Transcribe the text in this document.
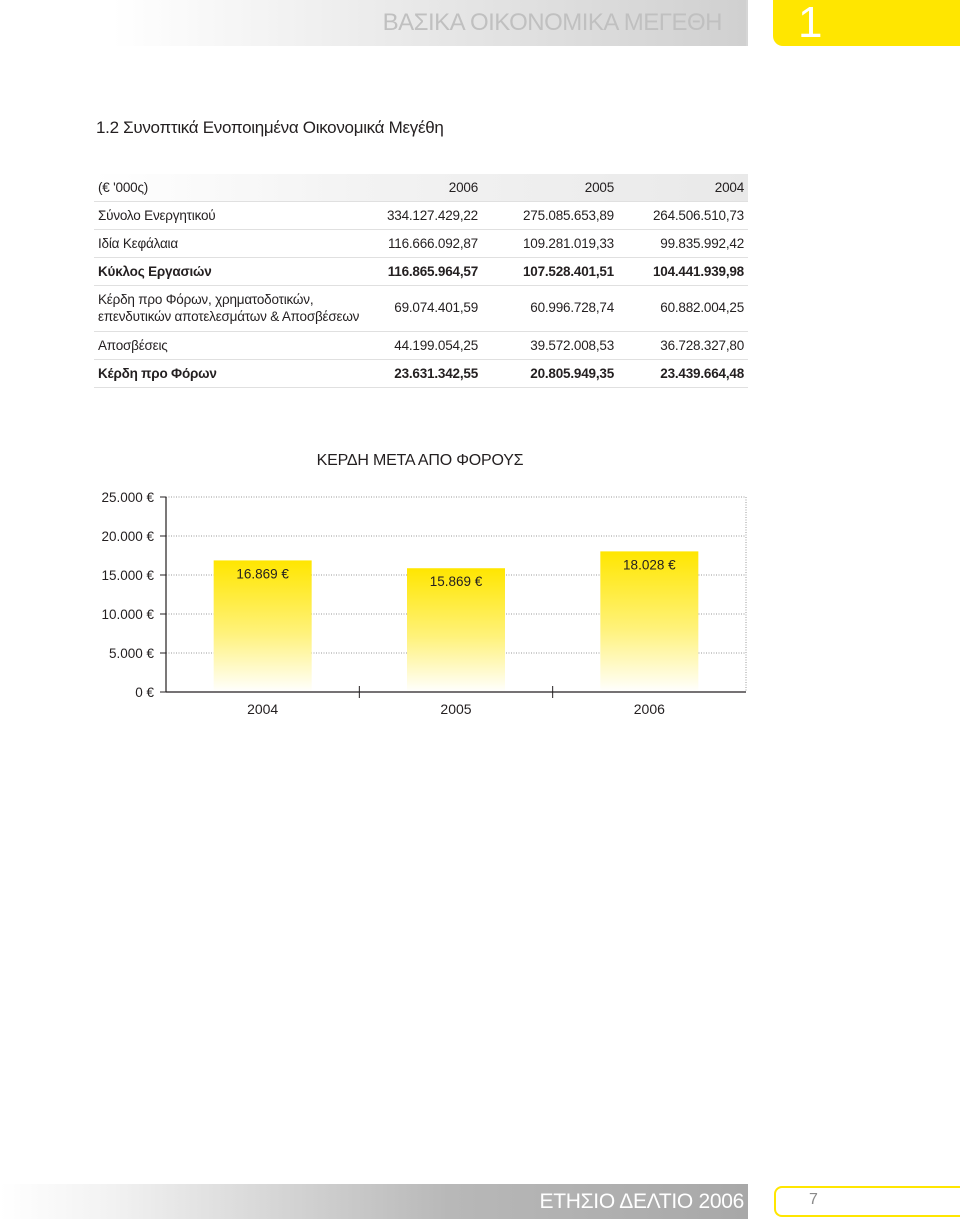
ΒΑΣΙΚΑ ΟΙΚΟΝΟΜΙΚΑ ΜΕΓΕΘΗ 1
1.2 Συνοπτικά Ενοποιημένα Οικονομικά Μεγέθη
(€ '000ς)	2006	2005	2004
Σύνολο Ενεργητικού	334.127.429,22	275.085.653,89	264.506.510,73
Ιδία Κεφάλαια	116.666.092,87	109.281.019,33	99.835.992,42
Κύκλος Εργασιών	116.865.964,57	107.528.401,51	104.441.939,98
Κέρδη προ Φόρων, χρηματοδοτικών,
επενδυτικών αποτελεσμάτων & Αποσβέσεων
69.074.401,59	60.996.728,74	60.882.004,25
Αποσβέσεις	44.199.054,25	39.572.008,53	36.728.327,80
Κέρδη προ Φόρων	23.631.342,55	20.805.949,35	23.439.664,48
ΚΕΡΔΗ ΜΕΤΑ ΑΠΟ ΦΟΡΟΥΣ
0 €
5.000 €
10.000 €
15.000 €
20.000 €
25.000 €
16.869 €
2004
15.869 €
2005
18.028 €
2006
ΕΤΗΣΙΟ ΔΕΛΤΙΟ 2006	7
